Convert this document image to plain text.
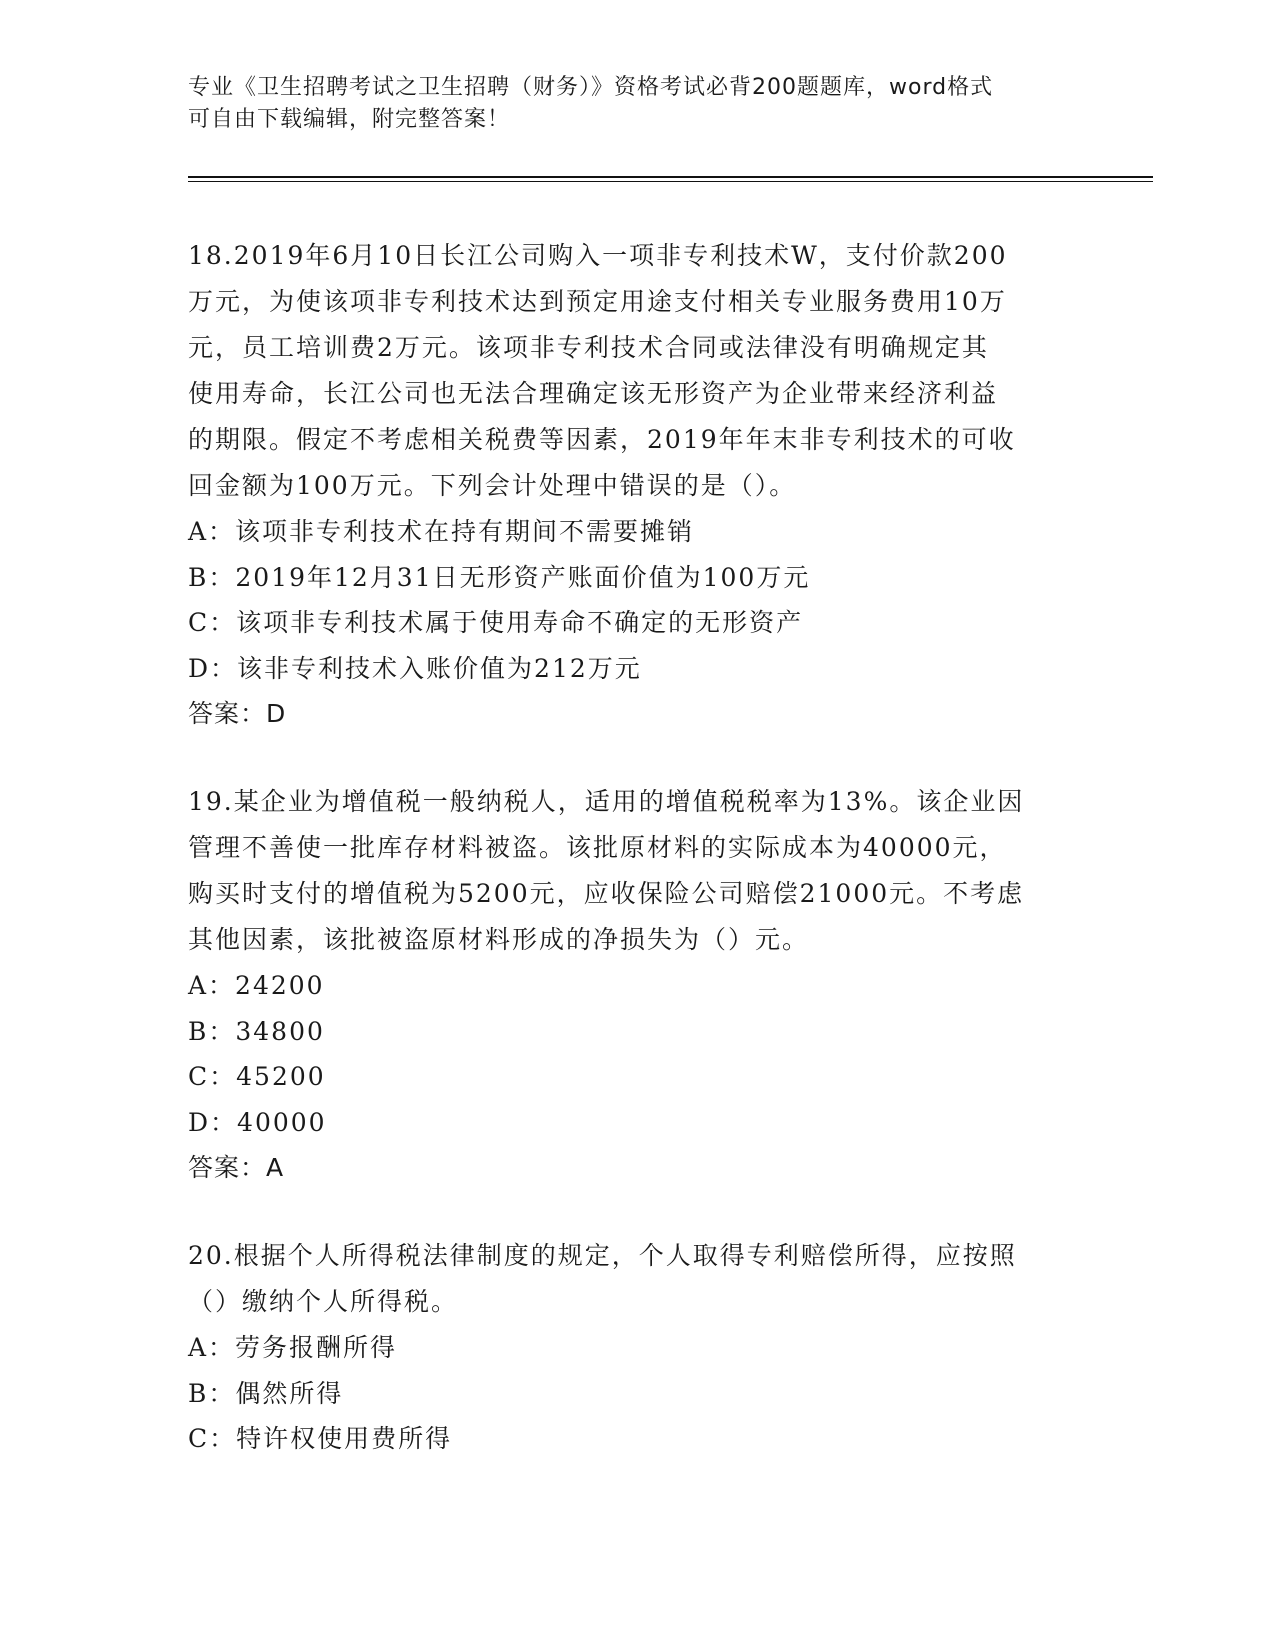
专业《卫生招聘考试之卫生招聘（财务）》资格考试必背200题题库，word格式
可自由下载编辑，附完整答案！
18.2019年6月10日长江公司购入一项非专利技术W，支付价款200
万元，为使该项非专利技术达到预定用途支付相关专业服务费用10万
元，员工培训费2万元。该项非专利技术合同或法律没有明确规定其
使用寿命，长江公司也无法合理确定该无形资产为企业带来经济利益
的期限。假定不考虑相关税费等因素，2019年年末非专利技术的可收
回金额为100万元。下列会计处理中错误的是（）。
A：该项非专利技术在持有期间不需要摊销
B：2019年12月31日无形资产账面价值为100万元
C：该项非专利技术属于使用寿命不确定的无形资产
D：该非专利技术入账价值为212万元
答案：D
19.某企业为增值税一般纳税人，适用的增值税税率为13%。该企业因
管理不善使一批库存材料被盗。该批原材料的实际成本为40000元，
购买时支付的增值税为5200元，应收保险公司赔偿21000元。不考虑
其他因素，该批被盗原材料形成的净损失为（）元。
A：24200
B：34800
C：45200
D：40000
答案：A
20.根据个人所得税法律制度的规定，个人取得专利赔偿所得，应按照
（）缴纳个人所得税。
A：劳务报酬所得
B：偶然所得
C：特许权使用费所得
